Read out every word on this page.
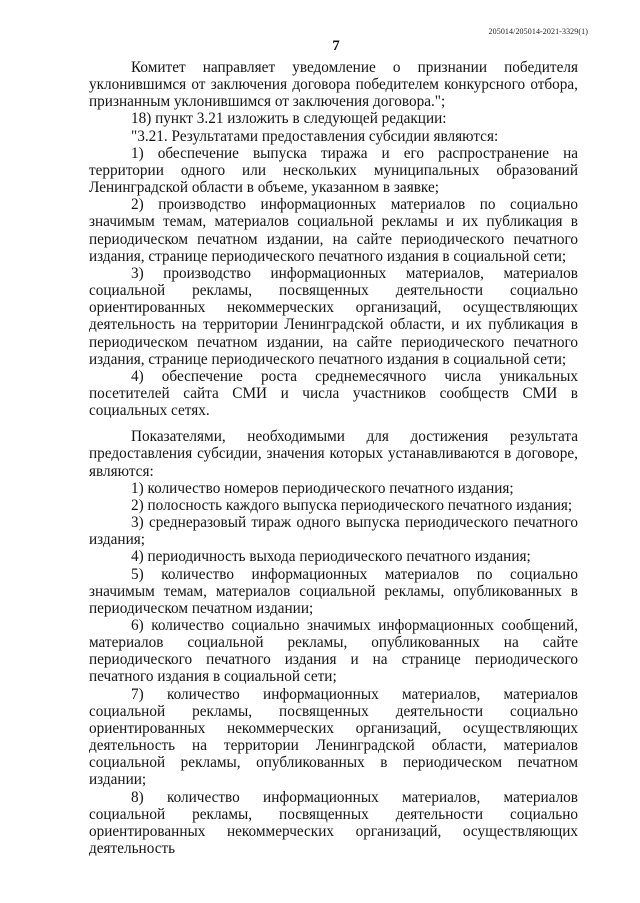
205014/205014-2021-3329(1)
7

Комитет направляет уведомление о признании победителя уклонившимся от заключения договора победителем конкурсного отбора, признанным уклонившимся от заключения договора.";

18) пункт 3.21 изложить в следующей редакции:

"3.21. Результатами предоставления субсидии являются:

1) обеспечение выпуска тиража и его распространение на территории одного или нескольких муниципальных образований Ленинградской области в объеме, указанном в заявке;

2) производство информационных материалов по социально значимым темам, материалов социальной рекламы и их публикация в периодическом печатном издании, на сайте периодического печатного издания, странице периодического печатного издания в социальной сети;

3) производство информационных материалов, материалов социальной рекламы, посвященных деятельности социально ориентированных некоммерческих организаций, осуществляющих деятельность на территории Ленинградской области, и их публикация в периодическом печатном издании, на сайте периодического печатного издания, странице периодического печатного издания в социальной сети;

4) обеспечение роста среднемесячного числа уникальных посетителей сайта СМИ и числа участников сообществ СМИ в социальных сетях.

Показателями, необходимыми для достижения результата предоставления субсидии, значения которых устанавливаются в договоре, являются:

1) количество номеров периодического печатного издания;

2) полосность каждого выпуска периодического печатного издания;

3) среднеразовый тираж одного выпуска периодического печатного издания;

4) периодичность выхода периодического печатного издания;

5) количество информационных материалов по социально значимым темам, материалов социальной рекламы, опубликованных в периодическом печатном издании;

6) количество социально значимых информационных сообщений, материалов социальной рекламы, опубликованных на сайте периодического печатного издания и на странице периодического печатного издания в социальной сети;

7) количество информационных материалов, материалов социальной рекламы, посвященных деятельности социально ориентированных некоммерческих организаций, осуществляющих деятельность на территории Ленинградской области, материалов социальной рекламы, опубликованных в периодическом печатном издании;

8) количество информационных материалов, материалов социальной рекламы, посвященных деятельности социально ориентированных некоммерческих организаций, осуществляющих деятельность
